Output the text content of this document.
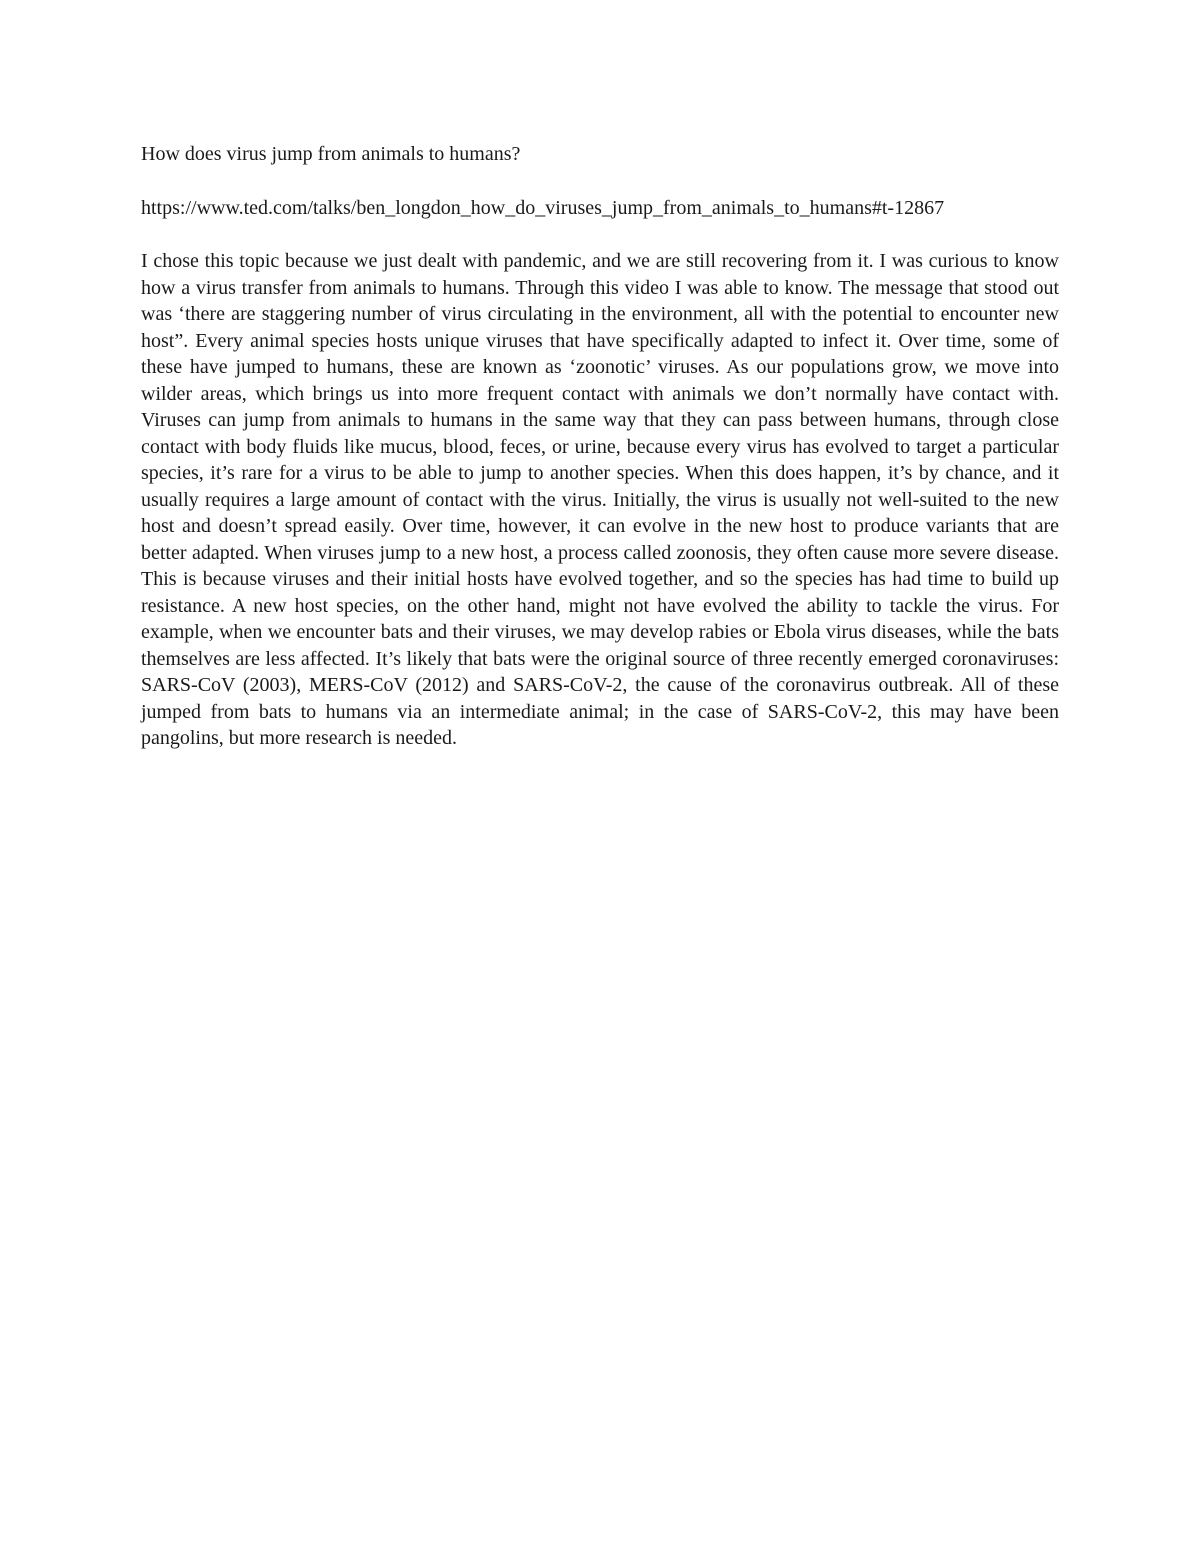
How does virus jump from animals to humans?

https://www.ted.com/talks/ben_longdon_how_do_viruses_jump_from_animals_to_humans#t-12867

I chose this topic because we just dealt with pandemic, and we are still recovering from it. I was curious to know how a virus transfer from animals to humans. Through this video I was able to know. The message that stood out was ‘there are staggering number of virus circulating in the environment, all with the potential to encounter new host”. Every animal species hosts unique viruses that have specifically adapted to infect it. Over time, some of these have jumped to humans, these are known as ‘zoonotic’ viruses. As our populations grow, we move into wilder areas, which brings us into more frequent contact with animals we don’t normally have contact with. Viruses can jump from animals to humans in the same way that they can pass between humans, through close contact with body fluids like mucus, blood, feces, or urine, because every virus has evolved to target a particular species, it’s rare for a virus to be able to jump to another species. When this does happen, it’s by chance, and it usually requires a large amount of contact with the virus. Initially, the virus is usually not well-suited to the new host and doesn’t spread easily. Over time, however, it can evolve in the new host to produce variants that are better adapted. When viruses jump to a new host, a process called zoonosis, they often cause more severe disease. This is because viruses and their initial hosts have evolved together, and so the species has had time to build up resistance. A new host species, on the other hand, might not have evolved the ability to tackle the virus. For example, when we encounter bats and their viruses, we may develop rabies or Ebola virus diseases, while the bats themselves are less affected. It’s likely that bats were the original source of three recently emerged coronaviruses: SARS-CoV (2003), MERS-CoV (2012) and SARS-CoV-2, the cause of the coronavirus outbreak. All of these jumped from bats to humans via an intermediate animal; in the case of SARS-CoV-2, this may have been pangolins, but more research is needed.
